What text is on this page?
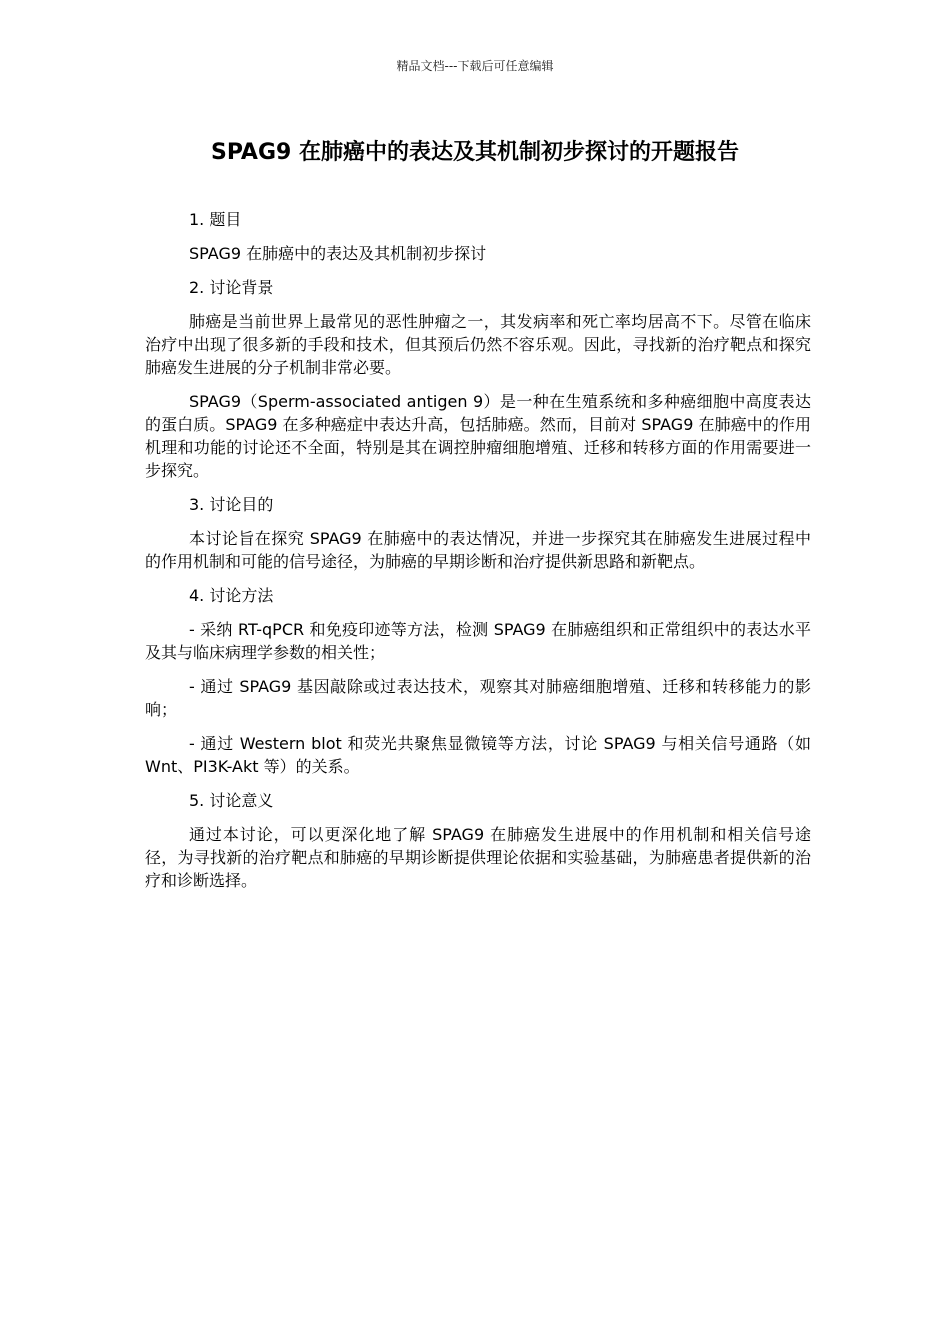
精品文档---下载后可任意编辑
SPAG9 在肺癌中的表达及其机制初步探讨的开题报告

1. 题目

SPAG9 在肺癌中的表达及其机制初步探讨

2. 讨论背景

肺癌是当前世界上最常见的恶性肿瘤之一，其发病率和死亡率均居高不下。尽管在临床治疗中出现了很多新的手段和技术，但其预后仍然不容乐观。因此，寻找新的治疗靶点和探究肺癌发生进展的分子机制非常必要。

SPAG9（Sperm-associated antigen 9）是一种在生殖系统和多种癌细胞中高度表达的蛋白质。SPAG9 在多种癌症中表达升高，包括肺癌。然而，目前对 SPAG9 在肺癌中的作用机理和功能的讨论还不全面，特别是其在调控肿瘤细胞增殖、迁移和转移方面的作用需要进一步探究。

3. 讨论目的

本讨论旨在探究 SPAG9 在肺癌中的表达情况，并进一步探究其在肺癌发生进展过程中的作用机制和可能的信号途径，为肺癌的早期诊断和治疗提供新思路和新靶点。

4. 讨论方法

- 采纳 RT-qPCR 和免疫印迹等方法，检测 SPAG9 在肺癌组织和正常组织中的表达水平及其与临床病理学参数的相关性；

- 通过 SPAG9 基因敲除或过表达技术，观察其对肺癌细胞增殖、迁移和转移能力的影响；

- 通过 Western blot 和荧光共聚焦显微镜等方法，讨论 SPAG9 与相关信号通路（如 Wnt、PI3K-Akt 等）的关系。

5. 讨论意义

通过本讨论，可以更深化地了解 SPAG9 在肺癌发生进展中的作用机制和相关信号途径，为寻找新的治疗靶点和肺癌的早期诊断提供理论依据和实验基础，为肺癌患者提供新的治疗和诊断选择。
